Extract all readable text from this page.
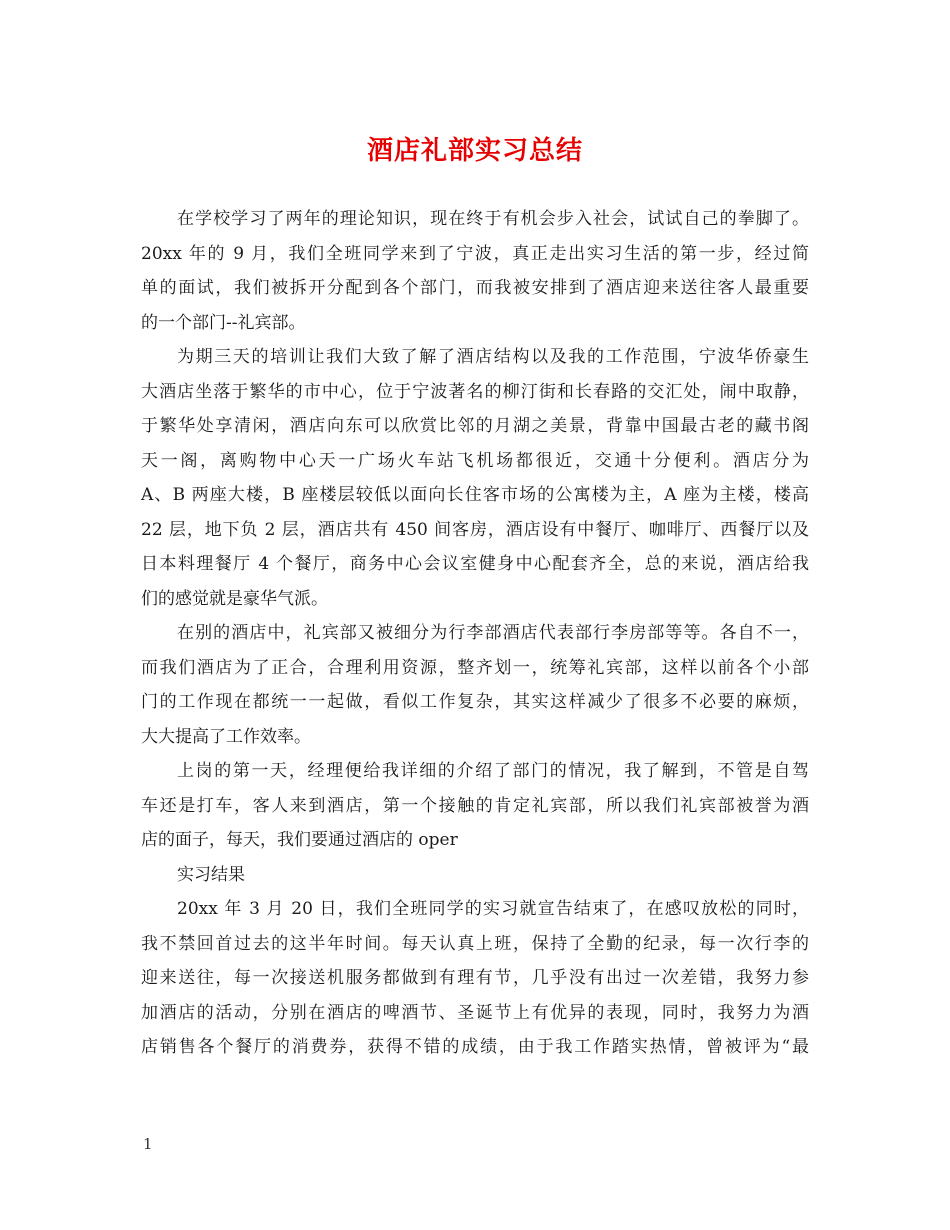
酒店礼部实习总结
在学校学习了两年的理论知识，现在终于有机会步入社会，试试自己的拳脚了。
20xx 年的 9 月，我们全班同学来到了宁波，真正走出实习生活的第一步，经过简
单的面试，我们被拆开分配到各个部门，而我被安排到了酒店迎来送往客人最重要
的一个部门--礼宾部。
为期三天的培训让我们大致了解了酒店结构以及我的工作范围，宁波华侨豪生
大酒店坐落于繁华的市中心，位于宁波著名的柳汀街和长春路的交汇处，闹中取静，
于繁华处享清闲，酒店向东可以欣赏比邻的月湖之美景，背靠中国最古老的藏书阁
天一阁，离购物中心天一广场火车站飞机场都很近，交通十分便利。酒店分为
A、B 两座大楼，B 座楼层较低以面向长住客市场的公寓楼为主，A 座为主楼，楼高
22 层，地下负 2 层，酒店共有 450 间客房，酒店设有中餐厅、咖啡厅、西餐厅以及
日本料理餐厅 4 个餐厅，商务中心会议室健身中心配套齐全，总的来说，酒店给我
们的感觉就是豪华气派。
在别的酒店中，礼宾部又被细分为行李部酒店代表部行李房部等等。各自不一，
而我们酒店为了正合，合理利用资源，整齐划一，统筹礼宾部，这样以前各个小部
门的工作现在都统一一起做，看似工作复杂，其实这样减少了很多不必要的麻烦，
大大提高了工作效率。
上岗的第一天，经理便给我详细的介绍了部门的情况，我了解到，不管是自驾
车还是打车，客人来到酒店，第一个接触的肯定礼宾部，所以我们礼宾部被誉为酒
店的面子，每天，我们要通过酒店的 oper
实习结果
20xx 年 3 月 20 日，我们全班同学的实习就宣告结束了，在感叹放松的同时，
我不禁回首过去的这半年时间。每天认真上班，保持了全勤的纪录，每一次行李的
迎来送往，每一次接送机服务都做到有理有节，几乎没有出过一次差错，我努力参
加酒店的活动，分别在酒店的啤酒节、圣诞节上有优异的表现，同时，我努力为酒
店销售各个餐厅的消费券，获得不错的成绩，由于我工作踏实热情，曾被评为“最
1
